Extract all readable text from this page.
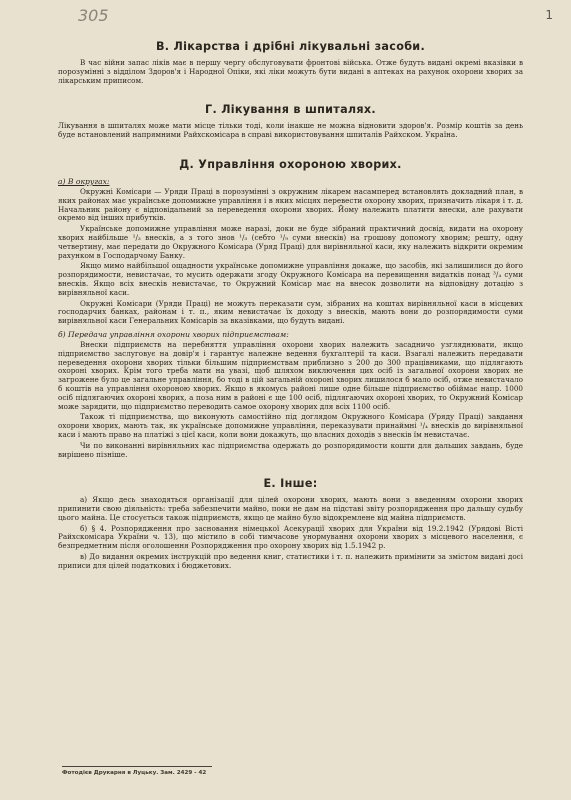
305	1
В. Лікарства і дрібні лікувальні засоби.

В час війни запас ліків має в першу чергу обслуговувати фронтові війська. Отже будуть видані окремі вказівки в порозумінні з відділом Здоров'я і Народної Опіки, які ліки можуть бути видані в аптеках на рахунок охорони хворих за лікарським приписом.

Г. Лікування в шпиталях.

Лікування в шпиталях може мати місце тільки тоді, коли інакше не можна відновити здоров'я. Розмір коштів за день буде встановлений напрямними Райхскомісара в справі використовування шпиталів Райхском. Україна.

Д. Управління охороною хворих.
а) В округах:

Окружні Комісари — Уряди Праці в порозумінні з окружним лікарем насамперед встановлять докладний план, в яких районах має українське допомижне управління і в яких місцях перевести охорону хворих, призначить лікаря і т. д. Начальник району є відповідальний за переведення охорони хворих. Йому належить платити внески, але рахувати окремо від інших прибутків.

Українське допомижне управління може наразі, доки не буде зібраний практичний досвід, видати на охорону хворих найбільше ¹/₃ внесків, а з того знов ¹/₃ (себто ¹/₉ суми внесків) на грошову допомогу хворим; решту, одну четвертину, має передати до Окружного Комісара (Уряд Праці) для вирівняльної каси, яку належить відкрити окремим рахунком в Господарчому Банку.

Якщо мимо найбільшої ощадности українське допомижне управління докаже, що засобів, які залишилися до його розпорядимости, невистачає, то мусить одержати згоду Окружного Комісара на перевищення видатків понад ³/₄ суми внесків. Якщо всіх внесків невистачає, то Окружний Комісар має на внесок дозволити на відповідну дотацію з вирівняльної каси.

Окружні Комісари (Уряди Праці) не можуть переказати сум, зібраних на коштах вирівняльної каси в місцевих господарчих банках, районам і т. п., яким невистачає їх доходу з внесків, мають вони до розпорядимости суми вирівняльної каси Генеральних Комісарів за вказівками, що будуть видані.

б) Передача управління охорони хворих підприємствам:

Внески підприємств на перебняття управління охорони хворих належить засадничо узгляднювати, якщо підприємство заслуговує на довір'я і гарантує належне ведення бухгалтерії та каси. Взагалі належить передавати переведення охорони хворих тільки більшим підприємствам приблизно з 200 до 300 працівниками, що підлягають охороні хворих. Крім того треба мати на увазі, щоб шляхом виключення цих осіб із загальної охорони хворих не загрожене було це загальне управління, бо тоді в цій загальній охороні хворих лишилося б мало осіб, отже невистачало б коштів на управління охороною хворих. Якщо в якомусь районі лише одне більше підприємство обіймає напр. 1000 осіб підлягаючих охороні хворих, а поза ним в районі є ще 100 осіб, підлягаючих охороні хворих, то Окружний Комісар може зарядити, що підприємство переводить самое охорону хворих для всіх 1100 осіб.

Також ті підприємства, що виконують самостійно під доглядом Окружного Комісара (Уряду Праці) завдання охорони хворих, мають так, як українське допомижне управління, переказувати принаймні ¹/₄ внесків до вирівняльної каси і мають право на платіжі з цієї каси, коли вони докажуть, що власних доходів з внесків їм невистачає.

Чи по виконанні вирівняльних кас підприємства одержать до розпорядимости кошти для дальших завдань, буде вирішено пізніше.

Е. Інше:

а) Якщо десь знаходяться організації для цілей охорони хворих, мають вони з введенням охорони хворих припинити свою діяльність: треба забезпечити майно, поки не дам на підставі звіту розпорядження про дальшу судьбу цього майна. Це стосується також підприємств, якщо це майно було відокремлене від майна підприємств.

б) § 4. Розпорядження про засновання німецької Асекурації хворих для України від 19.2.1942 (Урядові Вісті Райхскомісара України ч. 13), що містило в собі тимчасове унормування охорони хворих з місцевого населення, є безпредметним після оголошення Розпорядження про охорону хворих від 1.5.1942 р.

в) До видання окремих інструкцій про ведення книг, статистики і т. п. належить примінити за змістом видані досі приписи для цілей податкових і бюджетових.

Фотодієв Друкарня в Луцьку. Зам. 2429 - 42
